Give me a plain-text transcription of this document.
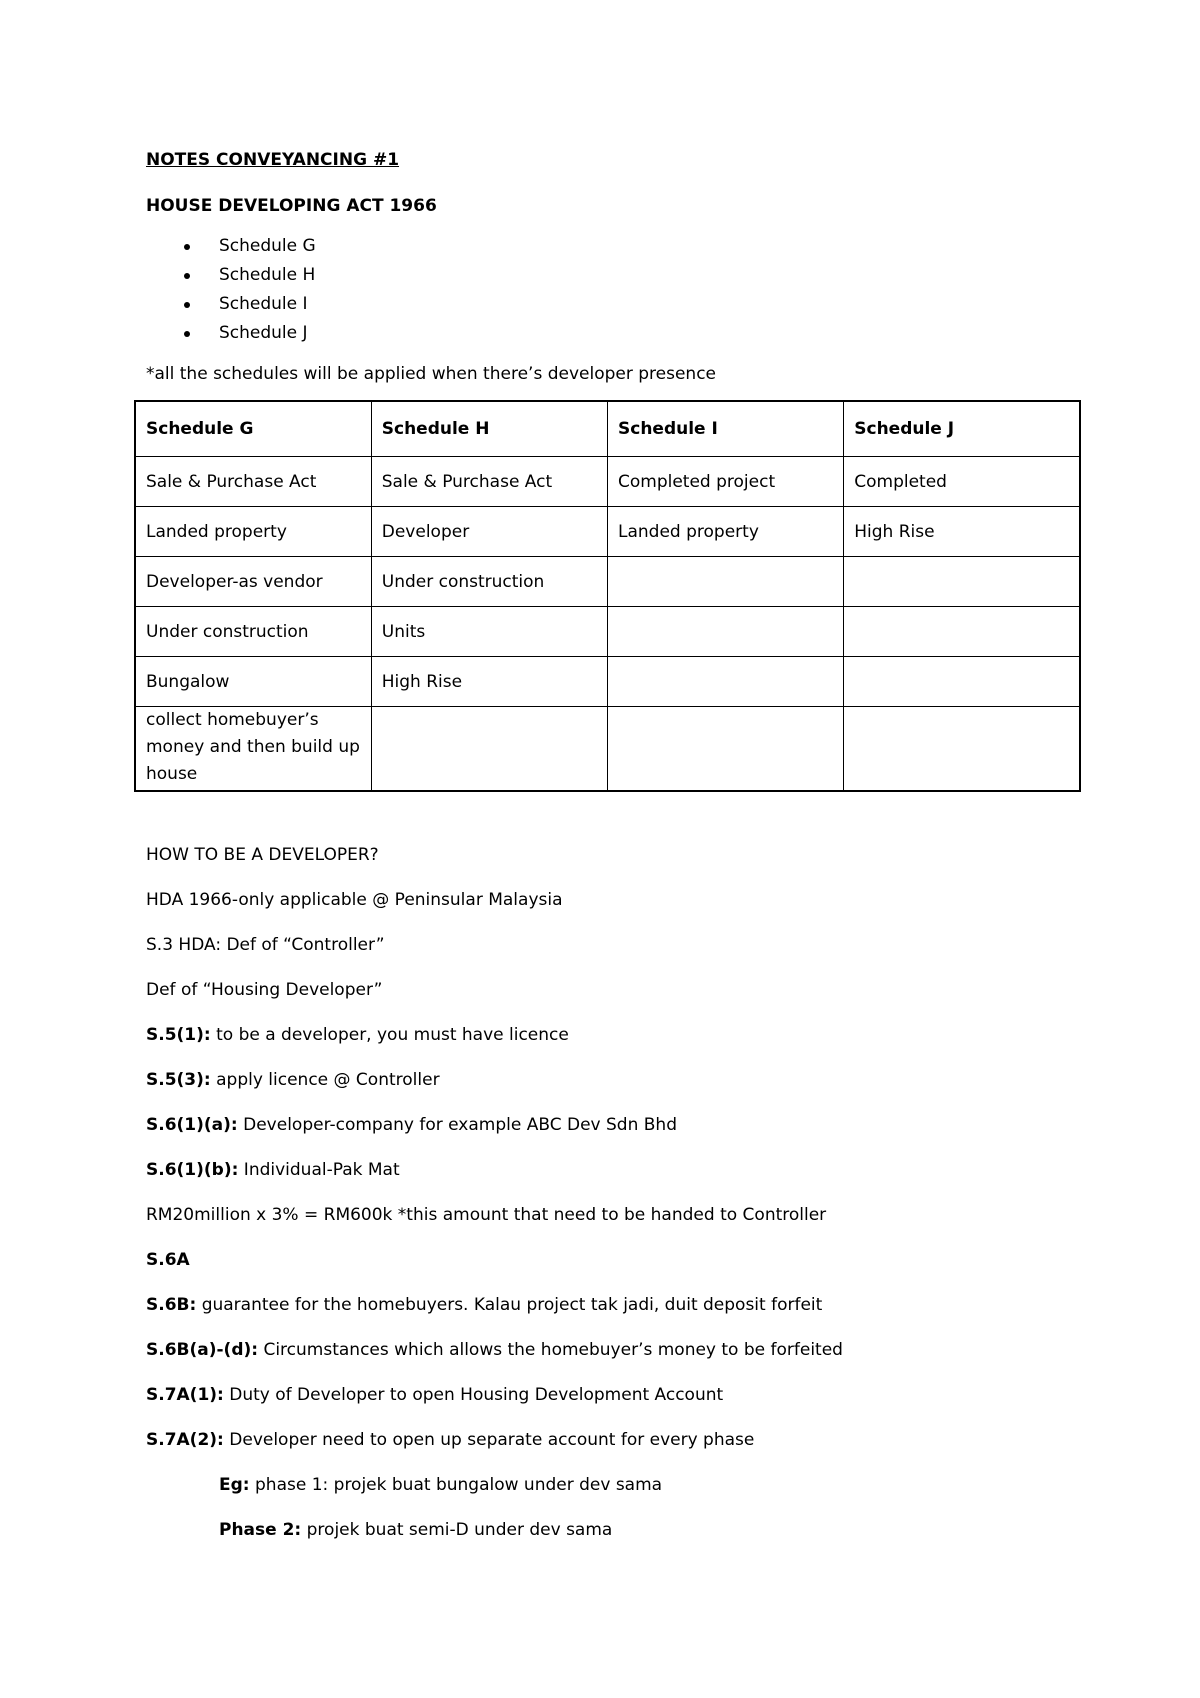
NOTES CONVEYANCING #1
HOUSE DEVELOPING ACT 1966
Schedule G
Schedule H
Schedule I
Schedule J
*all the schedules will be applied when there’s developer presence
Schedule G	Schedule H	Schedule I	Schedule J
Sale & Purchase Act	Sale & Purchase Act	Completed project	Completed
Landed property	Developer	Landed property	High Rise
Developer-as vendor	Under construction		
Under construction	Units		
Bungalow	High Rise		
collect homebuyer’s money and then build up house			
HOW TO BE A DEVELOPER?
HDA 1966-only applicable @ Peninsular Malaysia
S.3 HDA: Def of “Controller”
Def of “Housing Developer”
S.5(1): to be a developer, you must have licence
S.5(3): apply licence @ Controller
S.6(1)(a): Developer-company for example ABC Dev Sdn Bhd
S.6(1)(b): Individual-Pak Mat
RM20million x 3% = RM600k *this amount that need to be handed to Controller
S.6A
S.6B: guarantee for the homebuyers. Kalau project tak jadi, duit deposit forfeit
S.6B(a)-(d): Circumstances which allows the homebuyer’s money to be forfeited
S.7A(1): Duty of Developer to open Housing Development Account
S.7A(2): Developer need to open up separate account for every phase
Eg: phase 1: projek buat bungalow under dev sama
Phase 2: projek buat semi-D under dev sama
